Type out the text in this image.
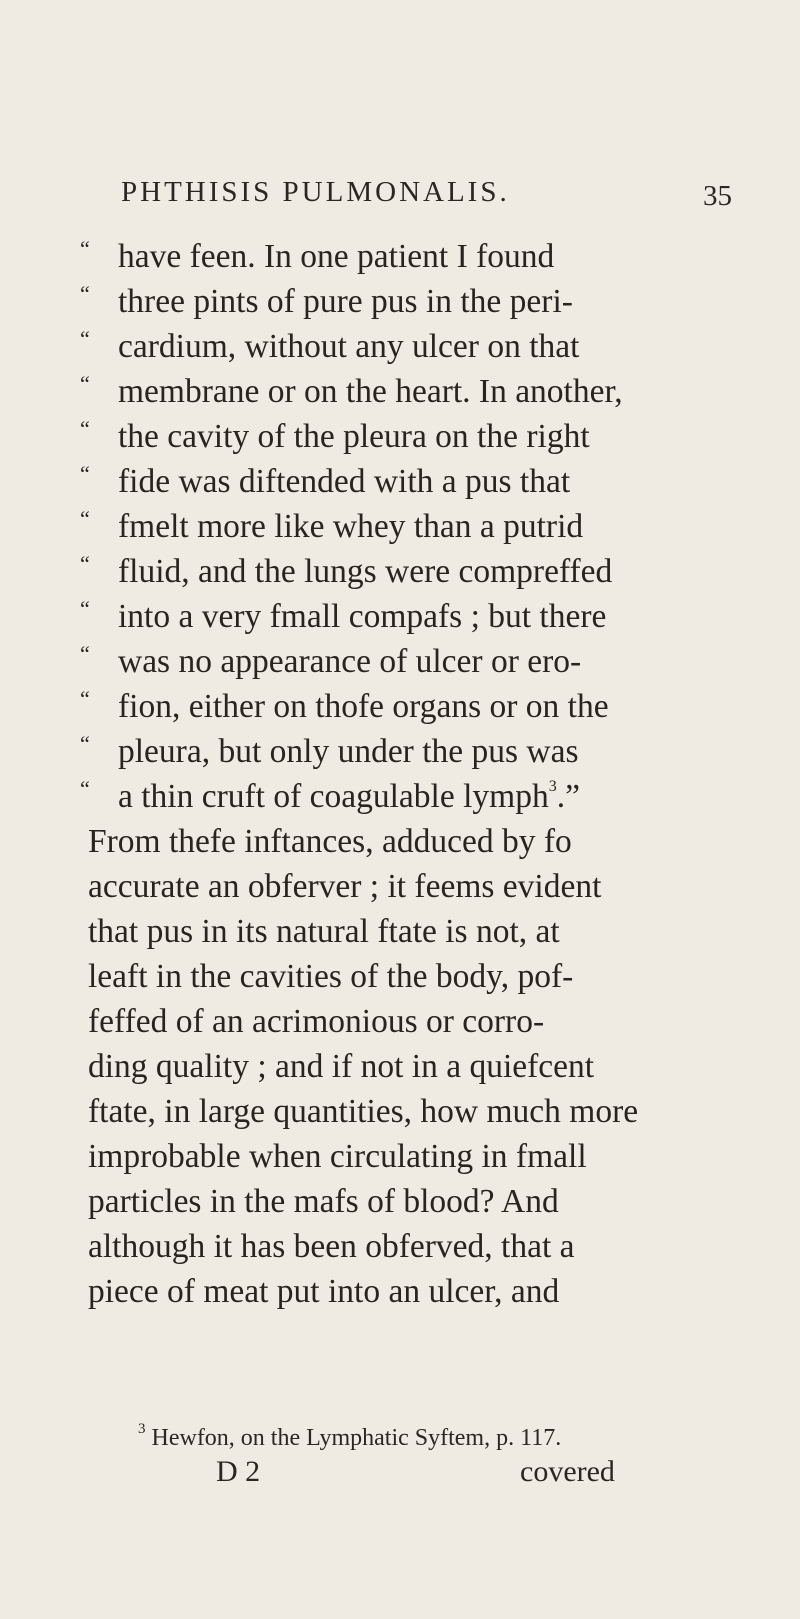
PHTHISIS PULMONALIS.	35
“ have feen. In one patient I found
“ three pints of pure pus in the peri-
“ cardium, without any ulcer on that
“ membrane or on the heart. In another,
“ the cavity of the pleura on the right
“ fide was diftended with a pus that
“ fmelt more like whey than a putrid
“ fluid, and the lungs were compreffed
“ into a very fmall compafs ; but there
“ was no appearance of ulcer or ero-
“ fion, either on thofe organs or on the
“ pleura, but only under the pus was
“ a thin cruft of coagulable lymph$^3$.”
From thefe inftances, adduced by fo
accurate an obferver ; it feems evident
that pus in its natural ftate is not, at
leaft in the cavities of the body, pof-
feffed of an acrimonious or corro-
ding quality ; and if not in a quiefcent
ftate, in large quantities, how much more
improbable when circulating in fmall
particles in the mafs of blood? And
although it has been obferved, that a
piece of meat put into an ulcer, and
$^3$ Hewfon, on the Lymphatic Syftem, p. 117.
D 2	covered
